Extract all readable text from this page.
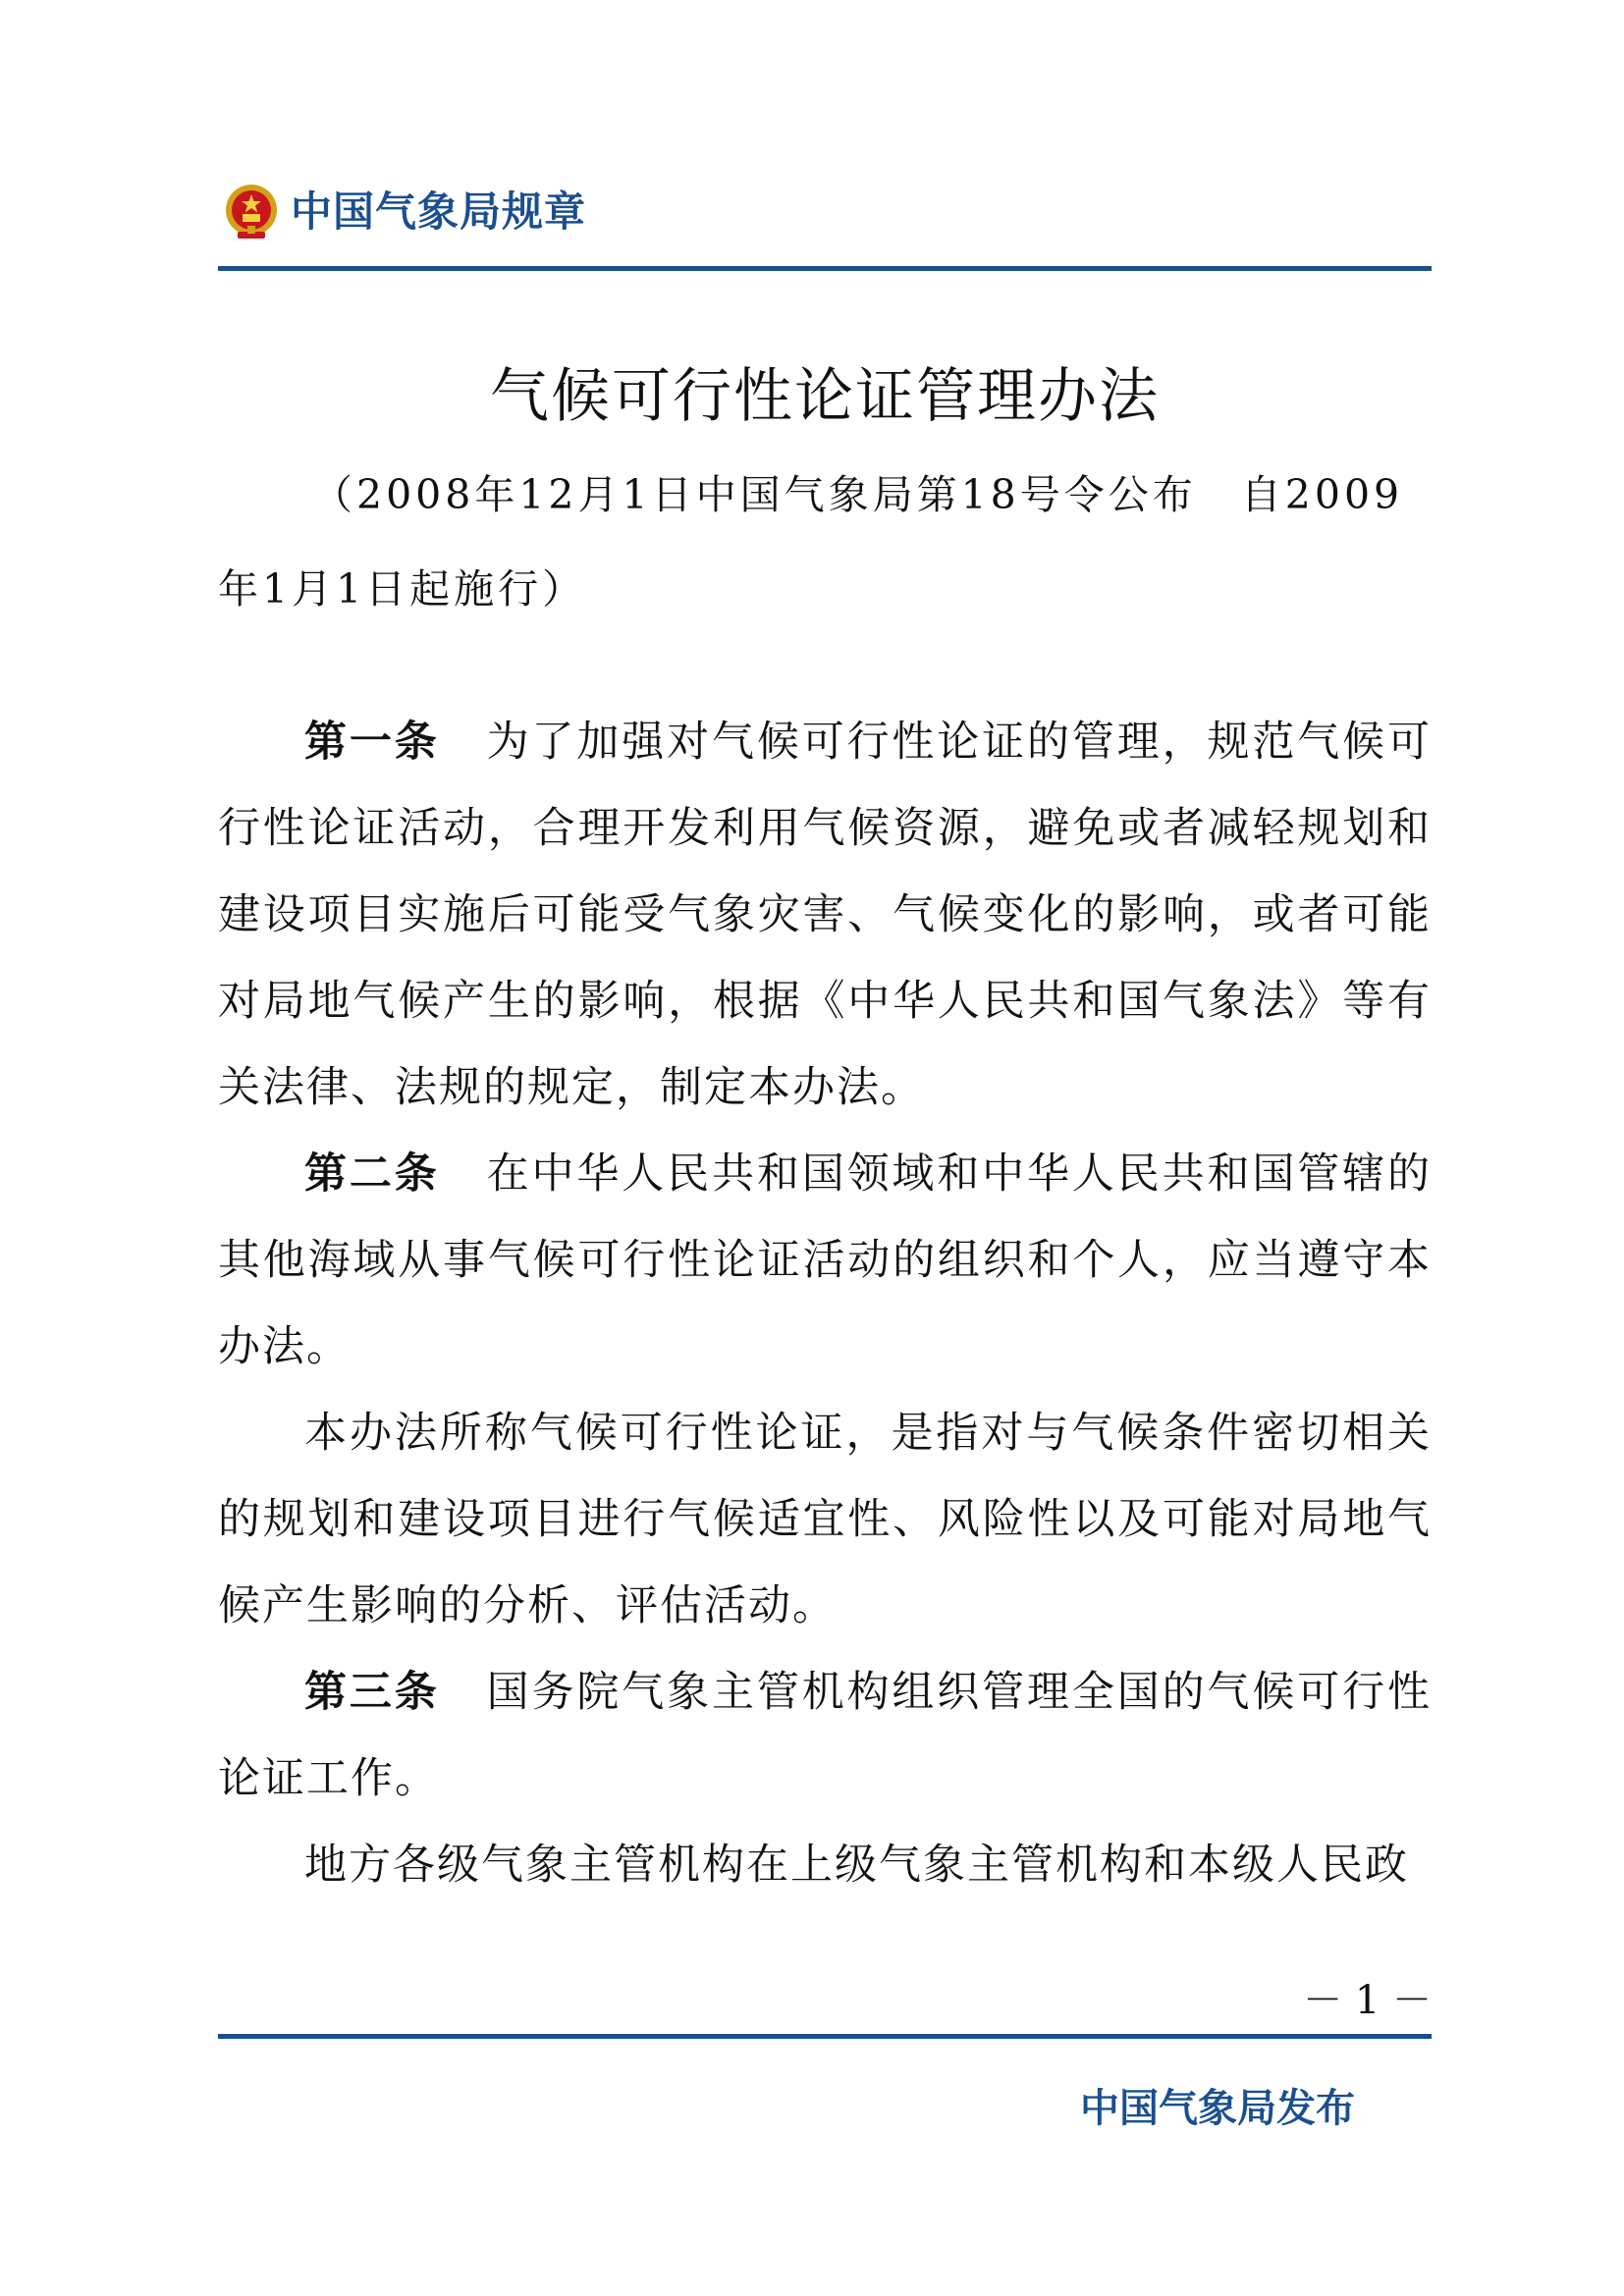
中国气象局规章
气候可行性论证管理办法
（2008年12月1日中国气象局第18号令公布　自2009年1月1日起施行）

第一条 为了加强对气候可行性论证的管理，规范气候可行性论证活动，合理开发利用气候资源，避免或者减轻规划和建设项目实施后可能受气象灾害、气候变化的影响，或者可能对局地气候产生的影响，根据《中华人民共和国气象法》等有关法律、法规的规定，制定本办法。

第二条 在中华人民共和国领域和中华人民共和国管辖的其他海域从事气候可行性论证活动的组织和个人，应当遵守本办法。

本办法所称气候可行性论证，是指对与气候条件密切相关的规划和建设项目进行气候适宜性、风险性以及可能对局地气候产生影响的分析、评估活动。

第三条 国务院气象主管机构组织管理全国的气候可行性论证工作。

地方各级气象主管机构在上级气象主管机构和本级人民政

－ 1 －
中国气象局发布
